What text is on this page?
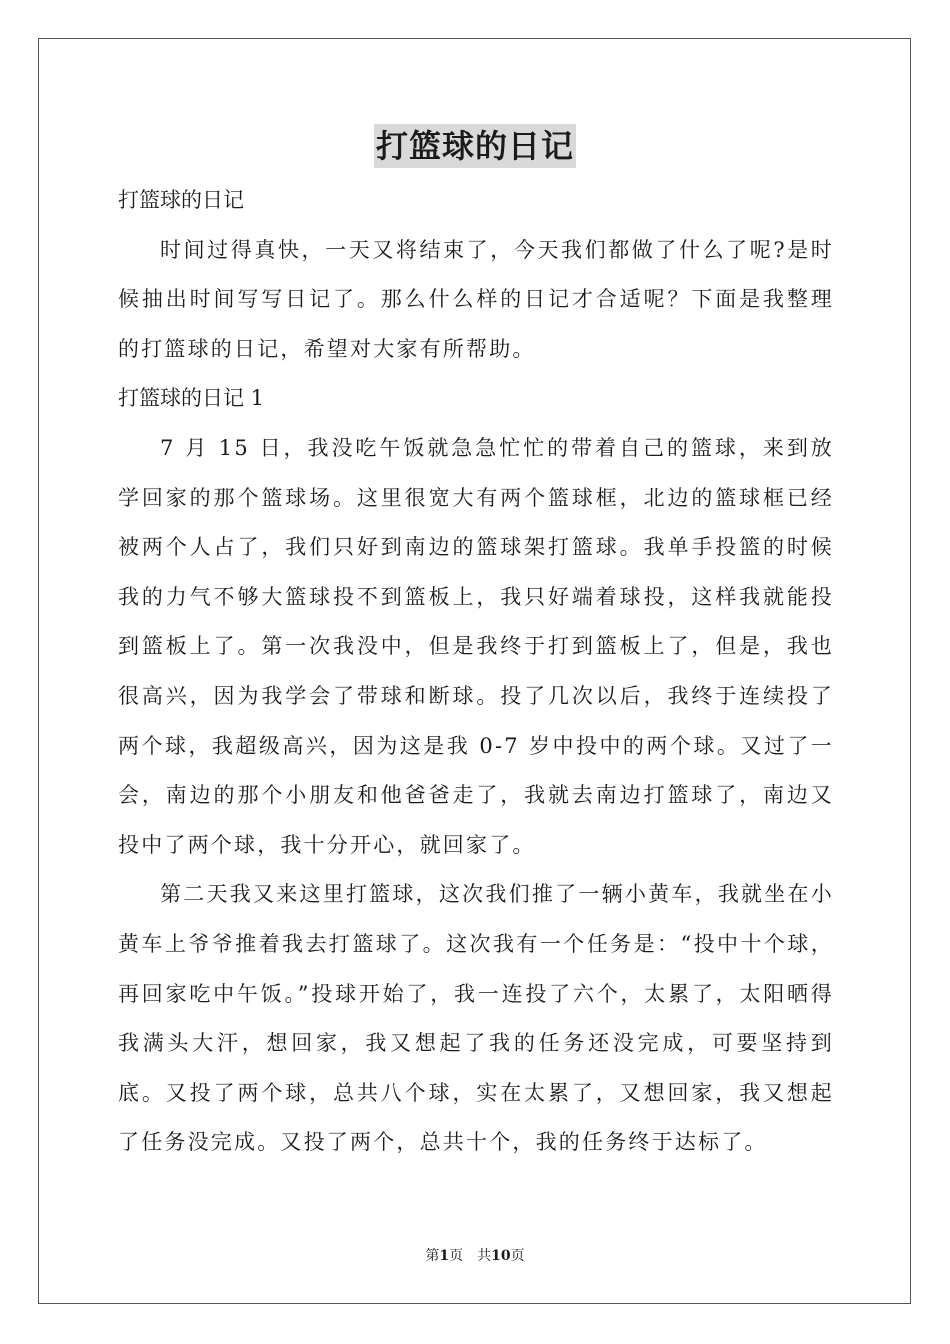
打篮球的日记

打篮球的日记

时间过得真快，一天又将结束了，今天我们都做了什么了呢?是时候抽出时间写写日记了。那么什么样的日记才合适呢？下面是我整理的打篮球的日记，希望对大家有所帮助。

打篮球的日记 1

7 月 15 日，我没吃午饭就急急忙忙的带着自己的篮球，来到放学回家的那个篮球场。这里很宽大有两个篮球框，北边的篮球框已经被两个人占了，我们只好到南边的篮球架打篮球。我单手投篮的时候我的力气不够大篮球投不到篮板上，我只好端着球投，这样我就能投到篮板上了。第一次我没中，但是我终于打到篮板上了，但是，我也很高兴，因为我学会了带球和断球。投了几次以后，我终于连续投了两个球，我超级高兴，因为这是我 0-7 岁中投中的两个球。又过了一会，南边的那个小朋友和他爸爸走了，我就去南边打篮球了，南边又投中了两个球，我十分开心，就回家了。

第二天我又来这里打篮球，这次我们推了一辆小黄车，我就坐在小黄车上爷爷推着我去打篮球了。这次我有一个任务是：“投中十个球，再回家吃中午饭。”投球开始了，我一连投了六个，太累了，太阳晒得我满头大汗，想回家，我又想起了我的任务还没完成，可要坚持到底。又投了两个球，总共八个球，实在太累了，又想回家，我又想起了任务没完成。又投了两个，总共十个，我的任务终于达标了。

第1页　共10页
